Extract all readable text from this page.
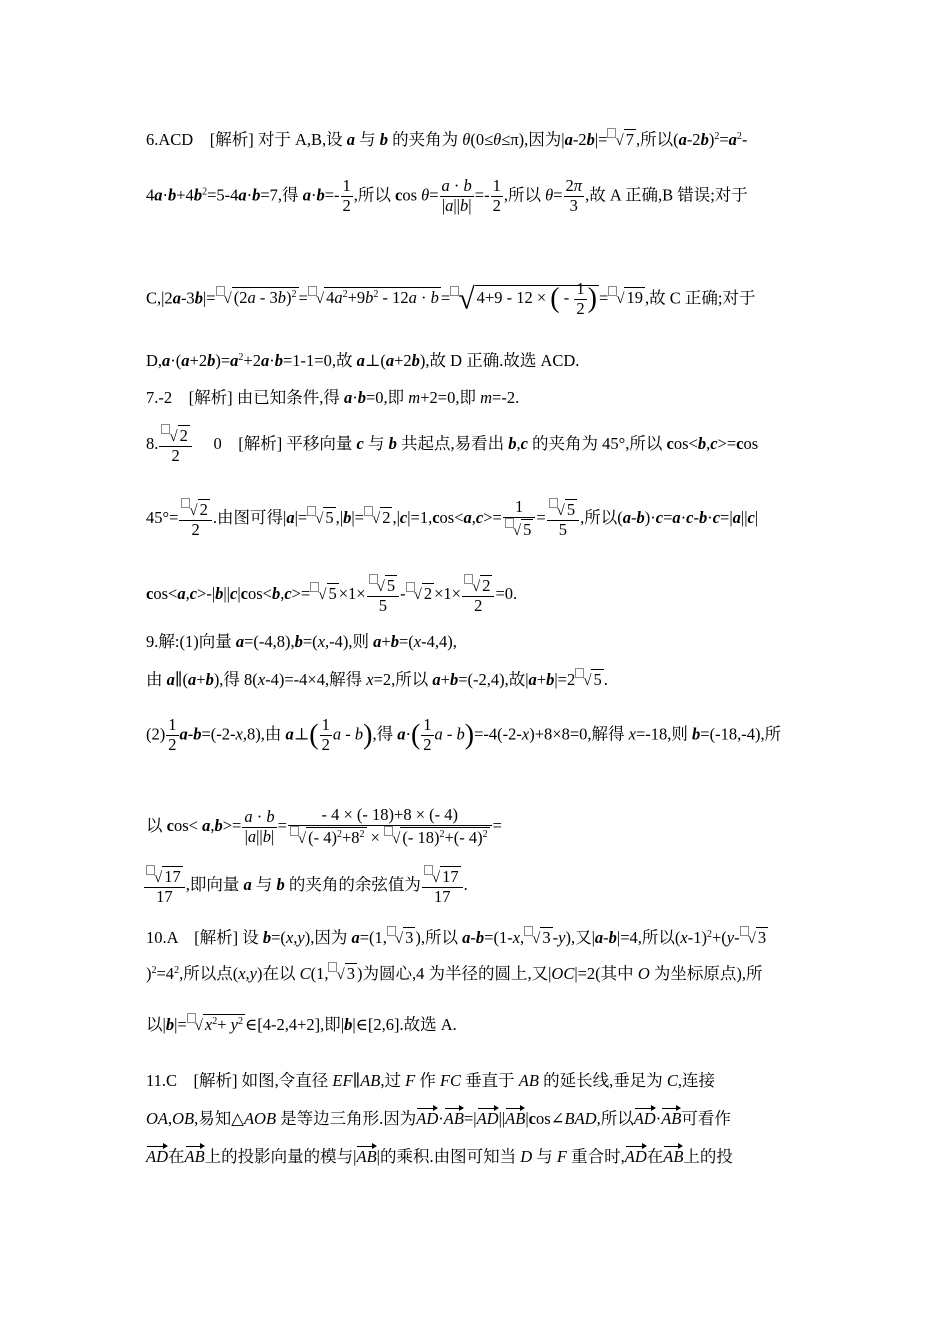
6.ACD　[解析] 对于 A,B,设 a 与 b 的夹角为 θ(0≤θ≤π),因为|a-2b|= √ 7 ,所以$(a-2b)^2=a^2-$
$4a\cdot b+4b^2=5-4a\cdot b=7$,得 $a\cdot b=- \frac{1}{2}$ ,所以 $\cos \theta= \frac{a \cdot b}{|a||b|} =- \frac{1}{2}$ ,所以 $\theta= \frac{2\pi}{3}$ ,故 A 正确,B 错误;对于
C,|2a-3b|= √ (2a - 3b)$^2$ = √ $4a^2+9b^2 - 12a \cdot b$ = √ 4+9 - 12 × ( - $\frac{1}{2}$ ) = √ 19 ,故 C 正确;对于
$D,a\cdot(a+2b)=a^2+2a\cdot b=1-1=0$,故 a⊥(a+2b),故 D 正确.故选 ACD.
7.-2　[解析] 由已知条件,得 a·b=0,即 m+2=0,即 m=-2.
8. $\frac{√ 2}{2}$ 　 0　[解析] 平移向量 c 与 b 共起点,易看出 b,c 的夹角为 45°,所以 cos<b,c>=cos
$45^\circ= \frac{√ 2}{2}$ .由图可得|a|= √ 5 ,|b|= √ 2 $,|c|=1,\cos<a,c>= \frac{1}{√ 5} = \frac{√ 5}{5}$ ,所以(a-b)·c=a·c-b·c=|a||c|
cos<a,c>-|b||c|cos<b,c>= √ $5 \times 1\times \frac{√ 5}{5}$ - √ $2 \times 1\times \frac{√ 2}{2} =0$.
9.解:(1)向量 a=(-4,8),b=(x,-4),则 a+b=(x-4,4),
由 a∥(a+b),得 8(x-4)=-4×4,解得 x=2,所以 a+b=(-2,4),故|a+b|=2 √ 5 .
$(2) \frac{1}{2} a-b=(-2-x,8)$,由 a⊥( $\frac{1}{2}$ a - b),得 $a\cdot( \frac{1}{2}$ a - b)=-4(-2-x)+8×8=0,解得 x=-18,则 b=(-18,-4),所
以 $\cos< a,b>= \frac{a \cdot b}{|a||b|} = \frac{- 4 \times (- 18)+8 \times (- 4)}{√ (- 4)^2+8^2 \times √ (- 18)^2+(- 4)^2}$ =
$\frac{√ 17}{17}$ ,即向量 a 与 b 的夹角的余弦值为 $\frac{√ 17}{17}$ .
10.A　[解析] 设 b=(x,y),因为 a=(1, √ 3 ),所以 a-b=(1-x, √ 3 -y),又|a-b|=4,所以$(x-1)^2+(y-$ √ 3
)$^2=4^2$,所以点(x,y)在以 C(1, √ 3 )为圆心,4 为半径的圆上,又|OC|=2(其中 O 为坐标原点),所
以|b|= √ $x^2+ y^2$ ∈[4-2,4+2],即|b|∈[2,6].故选 A.
11.C　[解析] 如图,令直径 EF∥AB,过 F 作 FC 垂直于 AB 的延长线,垂足为 C,连接
OA,OB,易知△AOB 是等边三角形.因为AD·AB=|AD||AB|cos∠BAD,所以AD·AB可看作
AD在AB上的投影向量的模与|AB|的乘积.由图可知当 D 与 F 重合时,AD在AB上的投
